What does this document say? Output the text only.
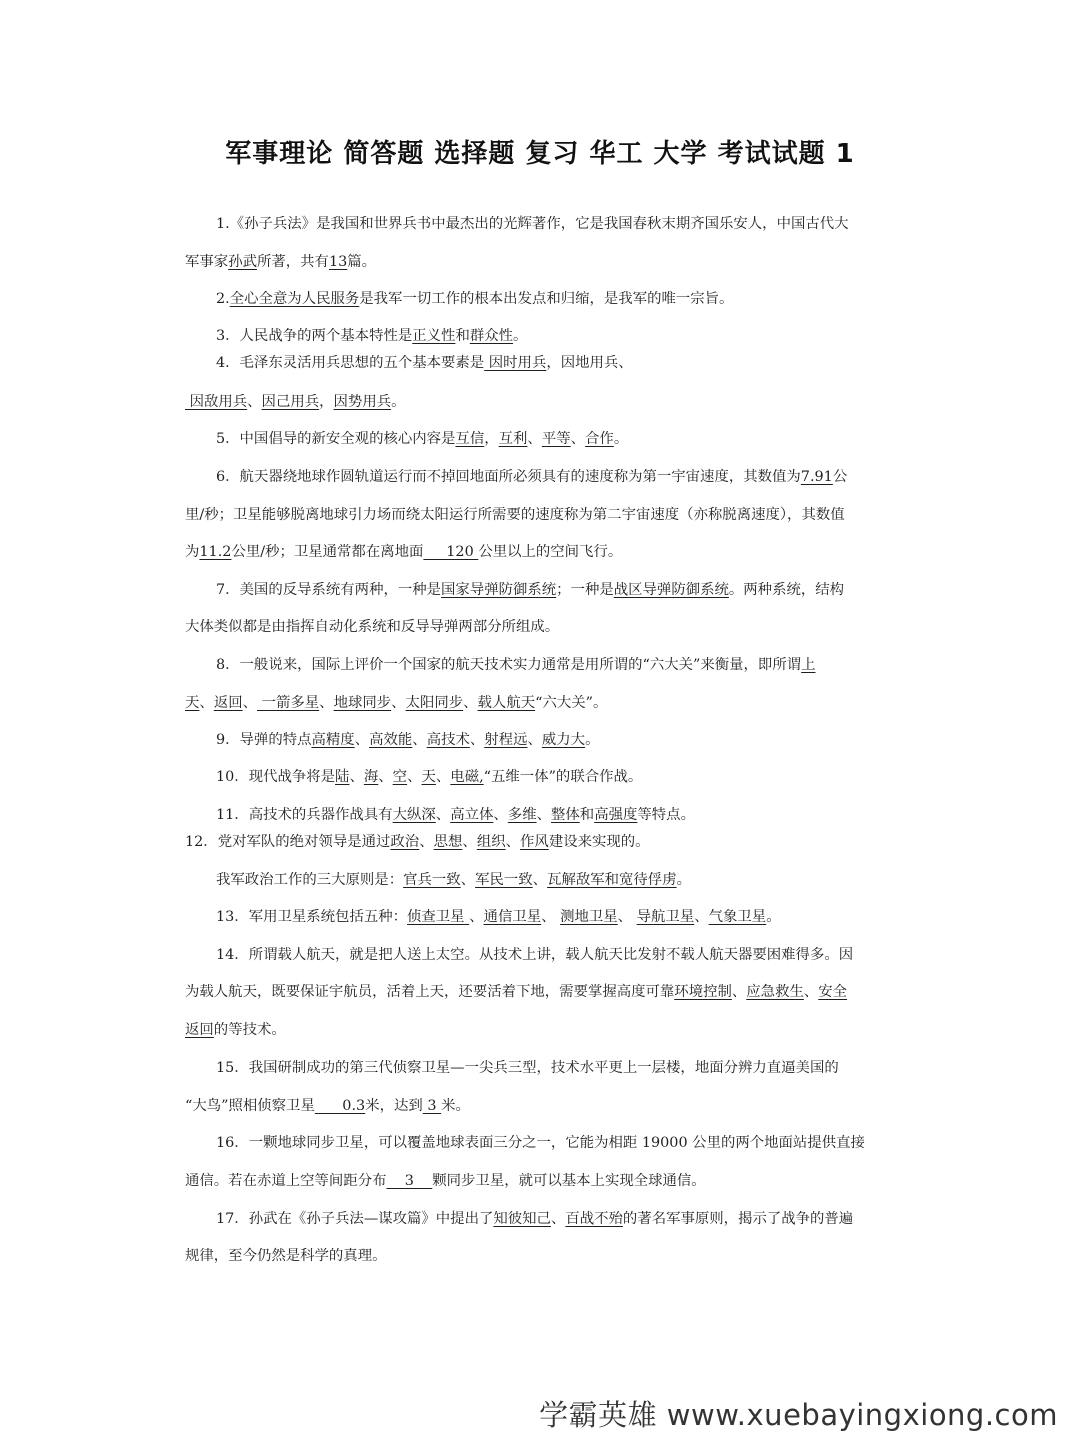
军事理论 简答题 选择题 复习 华工 大学 考试试题 1
1.《孙子兵法》是我国和世界兵书中最杰出的光辉著作，它是我国春秋末期齐国乐安人，中国古代大
军事家孙武所著，共有13篇。
2.全心全意为人民服务是我军一切工作的根本出发点和归缩，是我军的唯一宗旨。
3．人民战争的两个基本特性是正义性和群众性。
4．毛泽东灵活用兵思想的五个基本要素是 因时用兵，因地用兵、
因敌用兵、因己用兵，因势用兵。
5．中国倡导的新安全观的核心内容是互信，互利、平等、合作。
6．航天器绕地球作圆轨道运行而不掉回地面所必须具有的速度称为第一宇宙速度，其数值为7.91公
里/秒；卫星能够脱离地球引力场而绕太阳运行所需要的速度称为第二宇宙速度（亦称脱离速度），其数值
为11.2公里/秒；卫星通常都在离地面     120 公里以上的空间飞行。
7．美国的反导系统有两种，一种是国家导弹防御系统；一种是战区导弹防御系统。两种系统，结构
大体类似都是由指挥自动化系统和反导导弹两部分所组成。
8．一般说来，国际上评价一个国家的航天技术实力通常是用所谓的“六大关”来衡量，即所谓上
天、返回、 一箭多星、地球同步、太阳同步、载人航天“六大关”。
9．导弹的特点高精度、高效能、高技术、射程远、威力大。
10．现代战争将是陆、海、空、天、电磁,“五维一体”的联合作战。
11．高技术的兵器作战具有大纵深、高立体、多维、整体和高强度等特点。
12．党对军队的绝对领导是通过政治、思想、组织、作风建设来实现的。
我军政治工作的三大原则是：官兵一致、军民一致、瓦解敌军和宽待俘虏。
13．军用卫星系统包括五种：侦查卫星 、通信卫星、 测地卫星、 导航卫星、气象卫星。
14．所谓载人航天，就是把人送上太空。从技术上讲，载人航天比发射不载人航天器要困难得多。因
为载人航天，既要保证宇航员，活着上天，还要活着下地，需要掌握高度可靠环境控制、应急救生、安全
返回的等技术。
15．我国研制成功的第三代侦察卫星—一尖兵三型，技术水平更上一层楼，地面分辨力直逼美国的
“大鸟”照相侦察卫星      0.3米，达到 3 米。
16．一颗地球同步卫星，可以覆盖地球表面三分之一，它能为相距 19000 公里的两个地面站提供直接
通信。若在赤道上空等间距分布    3    颗同步卫星，就可以基本上实现全球通信。
17．孙武在《孙子兵法—谋攻篇》中提出了知彼知己、百战不殆的著名军事原则，揭示了战争的普遍
规律，至今仍然是科学的真理。
学霸英雄 www.xuebayingxiong.com
